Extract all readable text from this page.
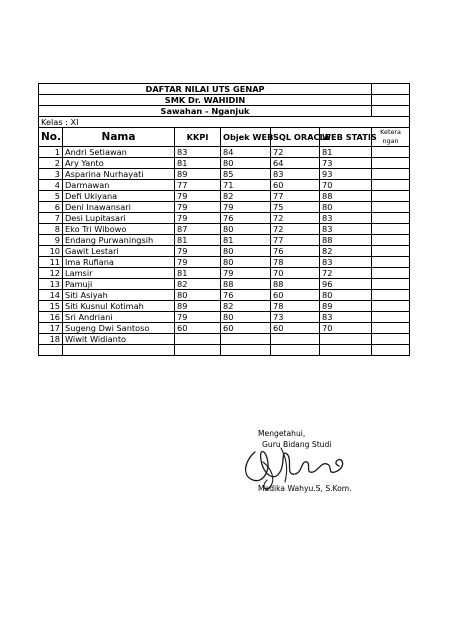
DAFTAR NILAI UTS GENAP						
SMK Dr. WAHIDIN						
Sawahan - Nganjuk						
Kelas : XI						
No.	Nama	KKPI	Objek WEB	SQL ORACLE	WEB STATIS	Ketera
ngan
1	Andri Setiawan	83	84	72	81	
2	Ary Yanto	81	80	64	73	
3	Asparina Nurhayati	89	85	83	93	
4	Darmawan	77	71	60	70	
5	Defi Ukiyana	79	82	77	88	
6	Deni Inawansari	79	79	75	80	
7	Desi Lupitasari	79	76	72	83	
8	Eko Tri Wibowo	87	80	72	83	
9	Endang Purwaningsih	81	81	77	88	
10	Gawit Lestari	79	80	76	82	
11	Ima Rufiana	79	80	78	83	
12	Lamsir	81	79	70	72	
13	Pamuji	82	88	88	96	
14	Siti Asiyah	80	76	60	80	
15	Siti Kusnul Kotimah	89	82	78	89	
16	Sri Andriani	79	80	73	83	
17	Sugeng Dwi Santoso	60	60	60	70	
18	Wiwit Widianto					

Mengetahui,
Guru Bidang Studi
Madika Wahyu.S, S.Kom.
